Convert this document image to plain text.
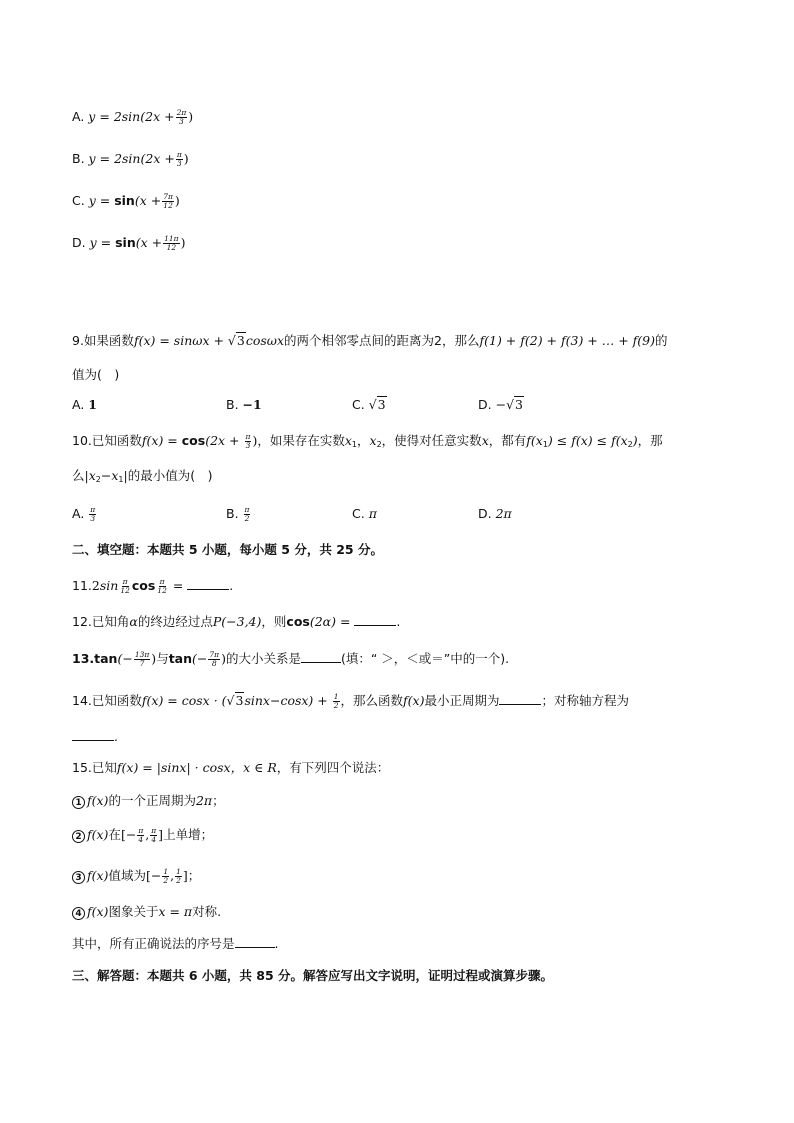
A. $y = 2\sin(2x + \frac{2\pi}{3}$ )
B. $y = 2\sin(2x + \frac{\pi}{3}$ )
C. $y = \sin(x + \frac{7\pi}{12}$ )
D. $y = \sin(x + \frac{11\pi}{12}$ )
9.如果函数f(x) = sinωx + √3cosωx的两个相邻零点间的距离为2，那么f(1) + f(2) + f(3) + … + f(9)的
值为(　)
A. 1	B. −1	C. √3	D. −√3
10.已知函数$f(x) = \cos(2x + \frac{\pi}{3}$ )，如果存在实数$x_1$，$x_2$，使得对任意实数x，都有$f(x_1) \le f(x) \le f(x_2)$，那
么$|x_2-x_1|$的最小值为(　)
A. $\frac{\pi}{3}$	B. $\frac{\pi}{2}$	C. π	D. 2π
二、填空题：本题共 5 小题，每小题 5 分，共 25 分。
$11.2\sin \frac{\pi}{12}$ $\cos \frac{\pi}{12}$ =	.
12.已知角α的终边经过点P(−3,4)，则cos(2α) =	.
$13.\tan(- \frac{13\pi}{7}$ )与$\tan(- \frac{7\pi}{8}$ )的大小关系是	(填：“ ＞，＜或＝”中的一个).
14.已知函数$f(x) = \cos x \cdot (√3\sin x-\cos x) + \frac{1}{2}$ ，那么函数f(x)最小正周期为	；对称轴方程为
.
15.已知f(x) = |sinx| · cosx，x ∈ R，有下列四个说法：
1 f(x)的一个正周期为2π；
2 f(x)在[− $\frac{\pi}{4}$ , $\frac{\pi}{4}$ ]上单增；
3 f(x)值域为[− $\frac{1}{2}$ , $\frac{1}{2}$ ]；
4 f(x)图象关于x = π对称.
其中，所有正确说法的序号是	.
三、解答题：本题共 6 小题，共 85 分。解答应写出文字说明，证明过程或演算步骤。
